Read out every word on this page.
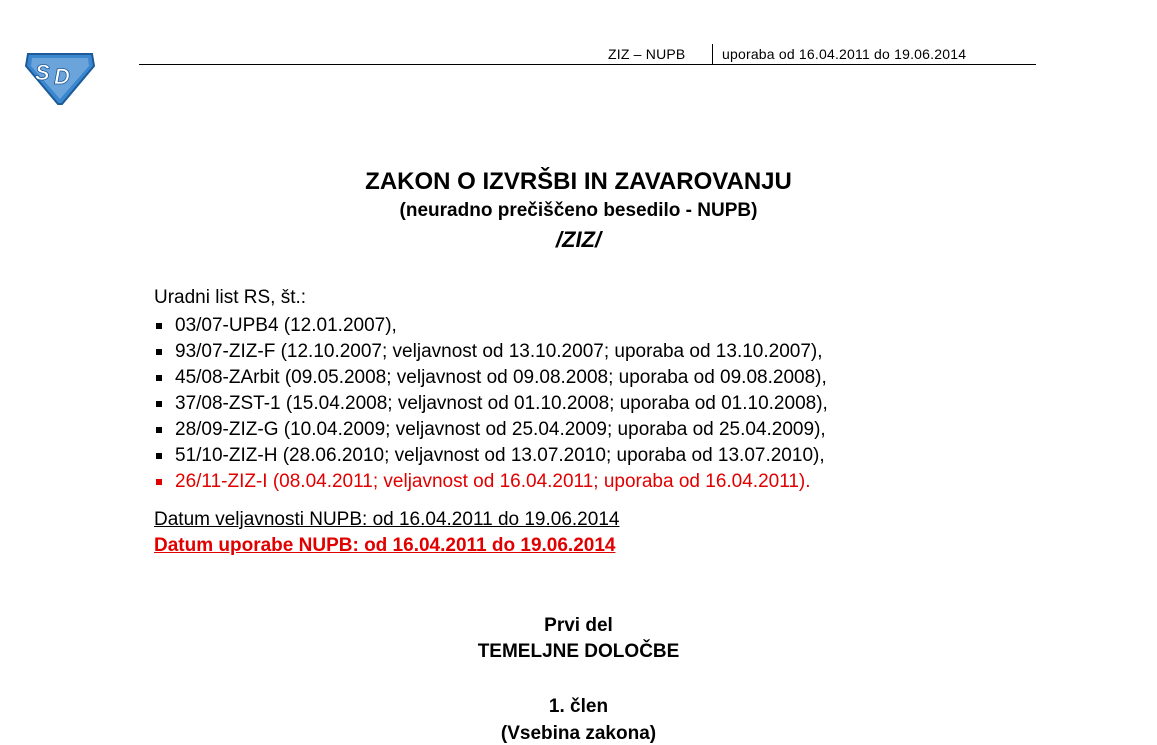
S D
ZIZ – NUPB	uporaba od 16.04.2011 do 19.06.2014
ZAKON O IZVRŠBI IN ZAVAROVANJU
(neuradno prečiščeno besedilo - NUPB)
/ZIZ/
Uradni list RS, št.:
03/07-UPB4 (12.01.2007),
93/07-ZIZ-F (12.10.2007; veljavnost od 13.10.2007; uporaba od 13.10.2007),
45/08-ZArbit (09.05.2008; veljavnost od 09.08.2008; uporaba od 09.08.2008),
37/08-ZST-1 (15.04.2008; veljavnost od 01.10.2008; uporaba od 01.10.2008),
28/09-ZIZ-G (10.04.2009; veljavnost od 25.04.2009; uporaba od 25.04.2009),
51/10-ZIZ-H (28.06.2010; veljavnost od 13.07.2010; uporaba od 13.07.2010),
26/11-ZIZ-I (08.04.2011; veljavnost od 16.04.2011; uporaba od 16.04.2011).
Datum veljavnosti NUPB: od 16.04.2011 do 19.06.2014
Datum uporabe NUPB: od 16.04.2011 do 19.06.2014
Prvi del
TEMELJNE DOLOČBE
1. člen
(Vsebina zakona)
